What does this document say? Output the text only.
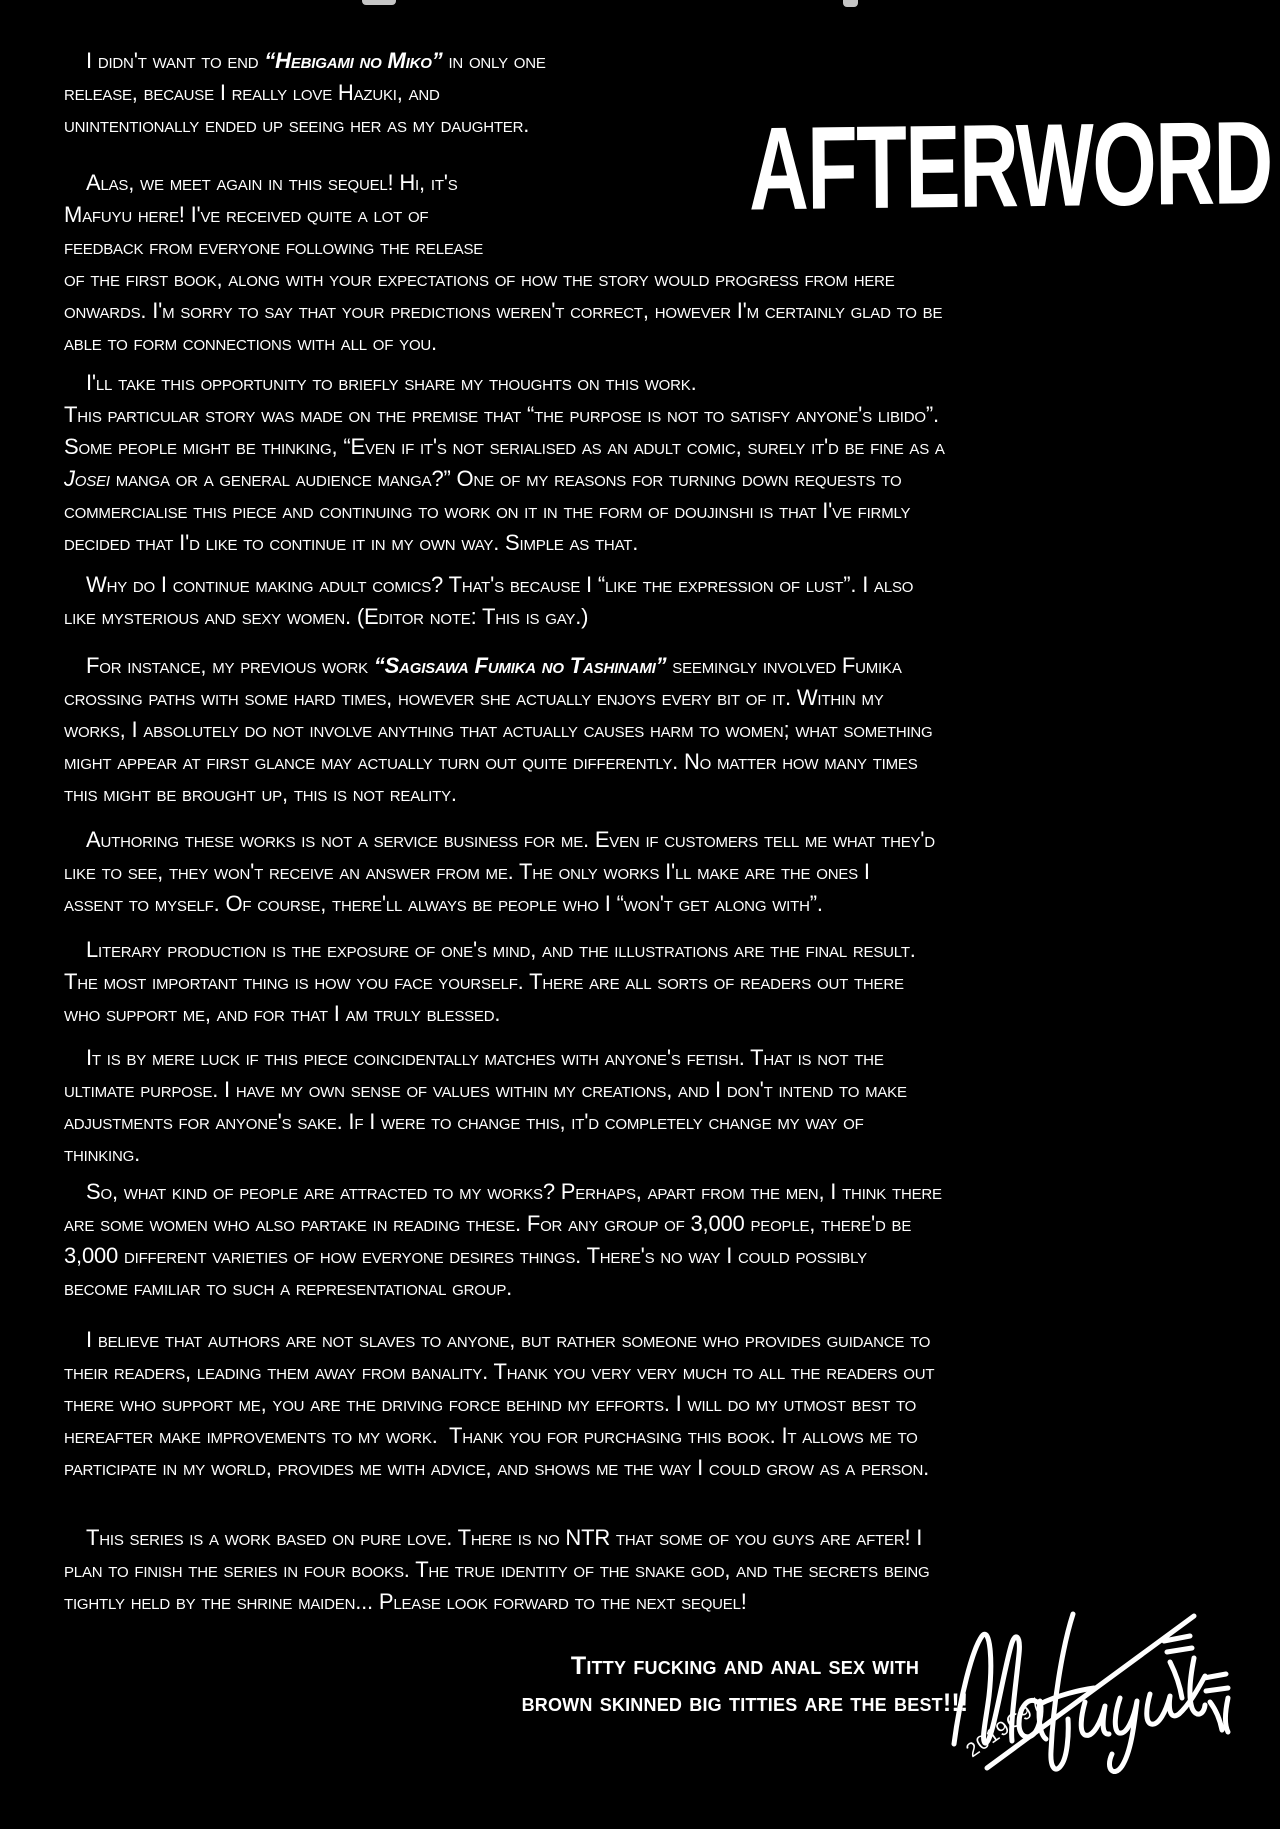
AFTERWORD
I didn't want to end “Hebigami no Miko” in only one
release, because I really love Hazuki, and
unintentionally ended up seeing her as my daughter.
Alas, we meet again in this sequel! Hi, it's
Mafuyu here! I've received quite a lot of
feedback from everyone following the release
of the first book, along with your expectations of how the story would progress from here
onwards. I'm sorry to say that your predictions weren't correct, however I'm certainly glad to be
able to form connections with all of you.
I'll take this opportunity to briefly share my thoughts on this work.
This particular story was made on the premise that “the purpose is not to satisfy anyone's libido”.
Some people might be thinking, “Even if it's not serialised as an adult comic, surely it'd be fine as a
Josei manga or a general audience manga?” One of my reasons for turning down requests to
commercialise this piece and continuing to work on it in the form of doujinshi is that I've firmly
decided that I'd like to continue it in my own way. Simple as that.
Why do I continue making adult comics? That's because I “like the expression of lust”. I also
like mysterious and sexy women. (Editor note: This is gay.)
For instance, my previous work “Sagisawa Fumika no Tashinami” seemingly involved Fumika
crossing paths with some hard times, however she actually enjoys every bit of it. Within my
works, I absolutely do not involve anything that actually causes harm to women; what something
might appear at first glance may actually turn out quite differently. No matter how many times
this might be brought up, this is not reality.
Authoring these works is not a service business for me. Even if customers tell me what they'd
like to see, they won't receive an answer from me. The only works I'll make are the ones I
assent to myself. Of course, there'll always be people who I “won't get along with”.
Literary production is the exposure of one's mind, and the illustrations are the final result.
The most important thing is how you face yourself. There are all sorts of readers out there
who support me, and for that I am truly blessed.
It is by mere luck if this piece coincidentally matches with anyone's fetish. That is not the
ultimate purpose. I have my own sense of values within my creations, and I don't intend to make
adjustments for anyone's sake. If I were to change this, it'd completely change my way of
thinking.
So, what kind of people are attracted to my works? Perhaps, apart from the men, I think there
are some women who also partake in reading these. For any group of 3,000 people, there'd be
3,000 different varieties of how everyone desires things. There's no way I could possibly
become familiar to such a representational group.
I believe that authors are not slaves to anyone, but rather someone who provides guidance to
their readers, leading them away from banality. Thank you very very much to all the readers out
there who support me, you are the driving force behind my efforts. I will do my utmost best to
hereafter make improvements to my work.  Thank you for purchasing this book. It allows me to
participate in my world, provides me with advice, and shows me the way I could grow as a person.
This series is a work based on pure love. There is no NTR that some of you guys are after! I
plan to finish the series in four books. The true identity of the snake god, and the secrets being
tightly held by the shrine maiden... Please look forward to the next sequel!
Titty fucking and anal sex with
brown skinned big titties are the best!!!
2019C97
